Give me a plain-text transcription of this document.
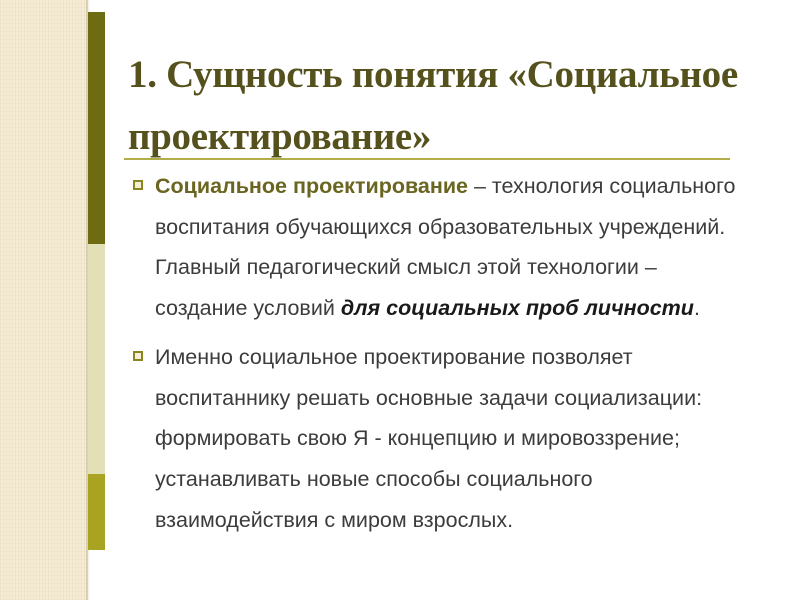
1. Сущность понятия «Социальное проектирование»
Социальное проектирование – технология социального воспитания обучающихся образовательных учреждений. Главный педагогический смысл этой технологии – создание условий для социальных проб личности.
Именно социальное проектирование позволяет воспитаннику решать основные задачи социализации: формировать свою Я - концепцию и мировоззрение; устанавливать новые способы социального взаимодействия с миром взрослых.
